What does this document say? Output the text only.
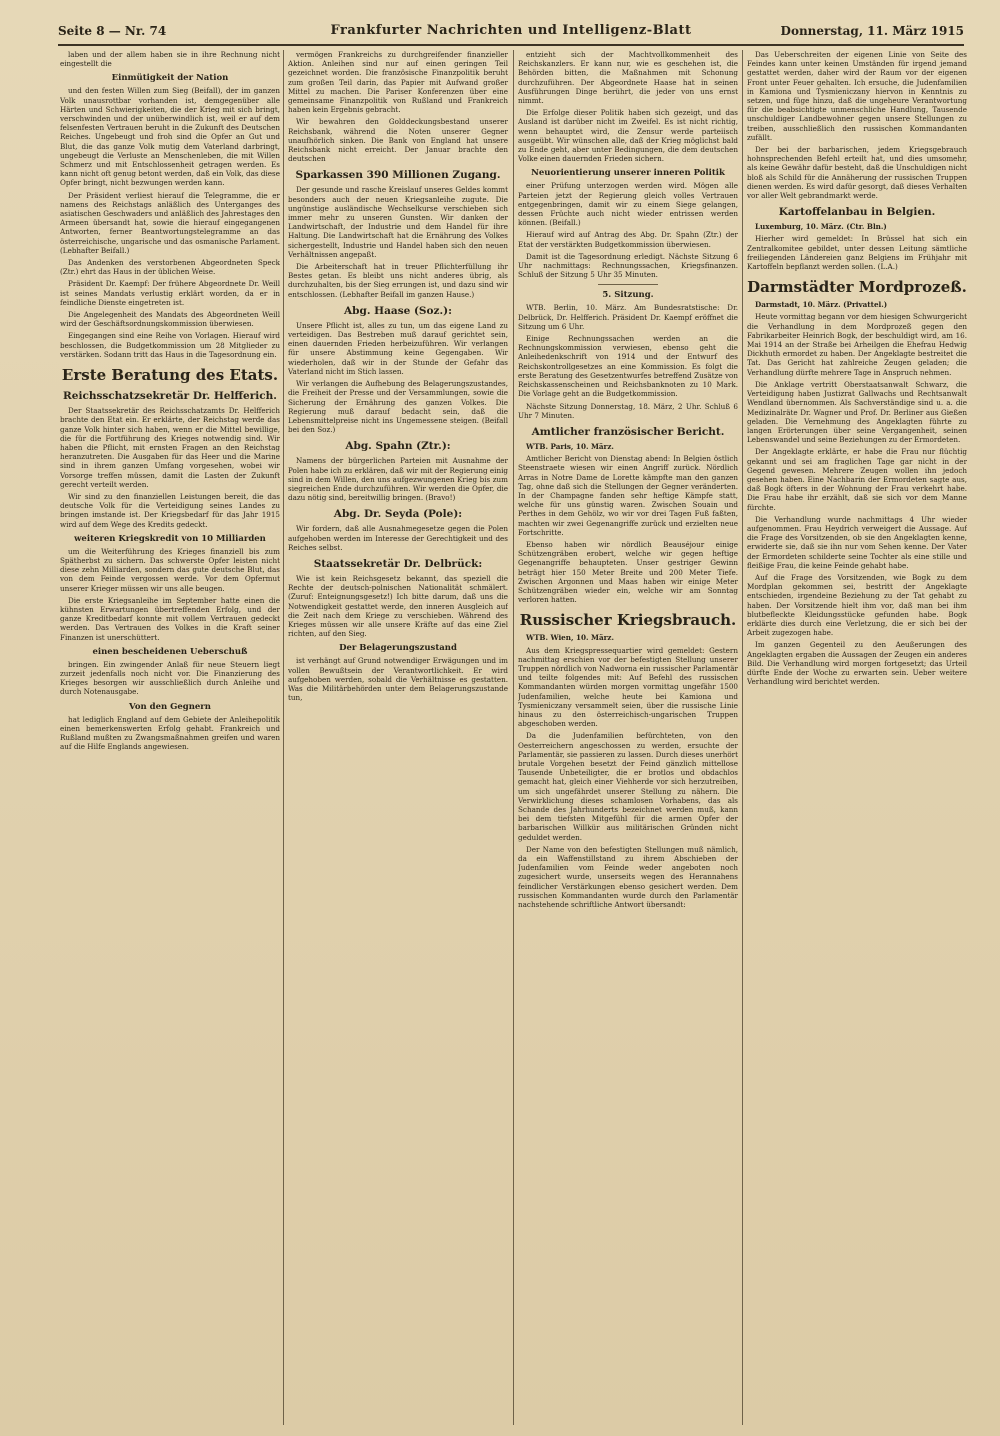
Seite 8 — Nr. 74	Frankfurter Nachrichten und Intelligenz-Blatt	Donnerstag, 11. März 1915

laben und der allem haben sie in ihre Rechnung nicht eingestellt die

Einmütigkeit der Nation

und den festen Willen zum Sieg (Beifall), der im ganzen Volk unausrottbar vorhanden ist, demgegenüber alle Härten und Schwierigkeiten, die der Krieg mit sich bringt, verschwinden und der unüberwindlich ist, weil er auf dem felsenfesten Vertrauen beruht in die Zukunft des Deutschen Reiches. Ungebeugt und froh sind die Opfer an Gut und Blut, die das ganze Volk mutig dem Vaterland darbringt, ungebeugt die Verluste an Menschenleben, die mit Willen Schmerz und mit Entschlossenheit getragen werden. Es kann nicht oft genug betont werden, daß ein Volk, das diese Opfer bringt, nicht bezwungen werden kann.

Der Präsident verliest hierauf die Telegramme, die er namens des Reichstags anläßlich des Unterganges des asiatischen Geschwaders und anläßlich des Jahrestages den Armeen übersandt hat, sowie die hierauf eingegangenen Antworten, ferner Beantwortungstelegramme an das österreichische, ungarische und das osmanische Parlament. (Lebhafter Beifall.)

Das Andenken des verstorbenen Abgeordneten Speck (Ztr.) ehrt das Haus in der üblichen Weise.

Präsident Dr. Kaempf: Der frühere Abgeordnete Dr. Weill ist seines Mandats verlustig erklärt worden, da er in feindliche Dienste eingetreten ist.

Die Angelegenheit des Mandats des Abgeordneten Weill wird der Geschäftsordnungskommission überwiesen.

Eingegangen sind eine Reihe von Vorlagen. Hierauf wird beschlossen, die Budgetkommission um 28 Mitglieder zu verstärken. Sodann tritt das Haus in die Tagesordnung ein.

Erste Beratung des Etats.
Reichsschatzsekretär Dr. Helfferich.

Der Staatssekretär des Reichsschatzamts Dr. Helfferich brachte den Etat ein. Er erklärte, der Reichstag werde das ganze Volk hinter sich haben, wenn er die Mittel bewillige, die für die Fortführung des Krieges notwendig sind. Wir haben die Pflicht, mit ernsten Fragen an den Reichstag heranzutreten. Die Ausgaben für das Heer und die Marine sind in ihrem ganzen Umfang vorgesehen, wobei wir Vorsorge treffen müssen, damit die Lasten der Zukunft gerecht verteilt werden.

Wir sind zu den finanziellen Leistungen bereit, die das deutsche Volk für die Verteidigung seines Landes zu bringen imstande ist. Der Kriegsbedarf für das Jahr 1915 wird auf dem Wege des Kredits gedeckt.

weiteren Kriegskredit von 10 Milliarden

um die Weiterführung des Krieges finanziell bis zum Spätherbst zu sichern. Das schwerste Opfer leisten nicht diese zehn Milliarden, sondern das gute deutsche Blut, das von dem Feinde vergossen werde. Vor dem Opfermut unserer Krieger müssen wir uns alle beugen.

Die erste Kriegsanleihe im September hatte einen die kühnsten Erwartungen übertreffenden Erfolg, und der ganze Kreditbedarf konnte mit vollem Vertrauen gedeckt werden. Das Vertrauen des Volkes in die Kraft seiner Finanzen ist unerschüttert.

einen bescheidenen Ueberschuß

bringen. Ein zwingender Anlaß für neue Steuern liegt zurzeit jedenfalls noch nicht vor. Die Finanzierung des Krieges besorgen wir ausschließlich durch Anleihe und durch Notenausgabe.

Von den Gegnern

hat lediglich England auf dem Gebiete der Anleihepolitik einen bemerkenswerten Erfolg gehabt. Frankreich und Rußland mußten zu Zwangsmaßnahmen greifen und waren auf die Hilfe Englands angewiesen.

vermögen Frankreichs zu durchgreifender finanzieller Aktion. Anleihen sind nur auf einen geringen Teil gezeichnet worden. Die französische Finanzpolitik beruht zum großen Teil darin, das Papier mit Aufwand großer Mittel zu machen. Die Pariser Konferenzen über eine gemeinsame Finanzpolitik von Rußland und Frankreich haben kein Ergebnis gebracht.

Wir bewahren den Golddeckungsbestand unserer Reichsbank, während die Noten unserer Gegner unaufhörlich sinken. Die Bank von England hat unsere Reichsbank nicht erreicht. Der Januar brachte den deutschen

Sparkassen 390 Millionen Zugang.

Der gesunde und rasche Kreislauf unseres Geldes kommt besonders auch der neuen Kriegsanleihe zugute. Die ungünstige ausländische Wechselkurse verschieben sich immer mehr zu unseren Gunsten. Wir danken der Landwirtschaft, der Industrie und dem Handel für ihre Haltung. Die Landwirtschaft hat die Ernährung des Volkes sichergestellt, Industrie und Handel haben sich den neuen Verhältnissen angepaßt.

Die Arbeiterschaft hat in treuer Pflichterfüllung ihr Bestes getan. Es bleibt uns nicht anderes übrig, als durchzuhalten, bis der Sieg errungen ist, und dazu sind wir entschlossen. (Lebhafter Beifall im ganzen Hause.)

Abg. Haase (Soz.):

Unsere Pflicht ist, alles zu tun, um das eigene Land zu verteidigen. Das Bestreben muß darauf gerichtet sein, einen dauernden Frieden herbeizuführen. Wir verlangen für unsere Abstimmung keine Gegengaben. Wir wiederholen, daß wir in der Stunde der Gefahr das Vaterland nicht im Stich lassen.

Wir verlangen die Aufhebung des Belagerungszustandes, die Freiheit der Presse und der Versammlungen, sowie die Sicherung der Ernährung des ganzen Volkes. Die Regierung muß darauf bedacht sein, daß die Lebensmittelpreise nicht ins Ungemessene steigen. (Beifall bei den Soz.)

Abg. Spahn (Ztr.):

Namens der bürgerlichen Parteien mit Ausnahme der Polen habe ich zu erklären, daß wir mit der Regierung einig sind in dem Willen, den uns aufgezwungenen Krieg bis zum siegreichen Ende durchzuführen. Wir werden die Opfer, die dazu nötig sind, bereitwillig bringen. (Bravo!)

Abg. Dr. Seyda (Pole):

Wir fordern, daß alle Ausnahmegesetze gegen die Polen aufgehoben werden im Interesse der Gerechtigkeit und des Reiches selbst.

Staatssekretär Dr. Delbrück:

Wie ist kein Reichsgesetz bekannt, das speziell die Rechte der deutsch-polnischen Nationalität schmälert. (Zuruf: Enteignungsgesetz!) Ich bitte darum, daß uns die Notwendigkeit gestattet werde, den inneren Ausgleich auf die Zeit nach dem Kriege zu verschieben. Während des Krieges müssen wir alle unsere Kräfte auf das eine Ziel richten, auf den Sieg.

Der Belagerungszustand

ist verhängt auf Grund notwendiger Erwägungen und im vollen Bewußtsein der Verantwortlichkeit. Er wird aufgehoben werden, sobald die Verhältnisse es gestatten. Was die Militärbehörden unter dem Belagerungszustande tun,

entzieht sich der Machtvollkommenheit des Reichskanzlers. Er kann nur, wie es geschehen ist, die Behörden bitten, die Maßnahmen mit Schonung durchzuführen. Der Abgeordnete Haase hat in seinen Ausführungen Dinge berührt, die jeder von uns ernst nimmt.

Die Erfolge dieser Politik haben sich gezeigt, und das Ausland ist darüber nicht im Zweifel. Es ist nicht richtig, wenn behauptet wird, die Zensur werde parteiisch ausgeübt. Wir wünschen alle, daß der Krieg möglichst bald zu Ende geht, aber unter Bedingungen, die dem deutschen Volke einen dauernden Frieden sichern.

Neuorientierung unserer inneren Politik

einer Prüfung unterzogen werden wird. Mögen alle Parteien jetzt der Regierung gleich volles Vertrauen entgegenbringen, damit wir zu einem Siege gelangen, dessen Früchte auch nicht wieder entrissen werden können. (Beifall.)

Hierauf wird auf Antrag des Abg. Dr. Spahn (Ztr.) der Etat der verstärkten Budgetkommission überwiesen.

Damit ist die Tagesordnung erledigt. Nächste Sitzung 6 Uhr nachmittags: Rechnungssachen, Kriegsfinanzen. Schluß der Sitzung 5 Uhr 35 Minuten.

5. Sitzung.

WTB. Berlin, 10. März. Am Bundesratstische: Dr. Delbrück, Dr. Helfferich. Präsident Dr. Kaempf eröffnet die Sitzung um 6 Uhr.

Einige Rechnungssachen werden an die Rechnungskommission verwiesen, ebenso geht die Anleihedenkschrift von 1914 und der Entwurf des Reichskontrollgesetzes an eine Kommission. Es folgt die erste Beratung des Gesetzentwurfes betreffend Zusätze von Reichskassenscheinen und Reichsbanknoten zu 10 Mark. Die Vorlage geht an die Budgetkommission.

Nächste Sitzung Donnerstag, 18. März, 2 Uhr. Schluß 6 Uhr 7 Minuten.

Amtlicher französischer Bericht.

WTB. Paris, 10. März.

Amtlicher Bericht von Dienstag abend: In Belgien östlich Steenstraete wiesen wir einen Angriff zurück. Nördlich Arras in Notre Dame de Lorette kämpfte man den ganzen Tag, ohne daß sich die Stellungen der Gegner veränderten. In der Champagne fanden sehr heftige Kämpfe statt, welche für uns günstig waren. Zwischen Souain und Perthes in dem Gehölz, wo wir vor drei Tagen Fuß faßten, machten wir zwei Gegenangriffe zurück und erzielten neue Fortschritte.

Ebenso haben wir nördlich Beauséjour einige Schützengräben erobert, welche wir gegen heftige Gegenangriffe behaupteten. Unser gestriger Gewinn beträgt hier 150 Meter Breite und 200 Meter Tiefe. Zwischen Argonnen und Maas haben wir einige Meter Schützengräben wieder ein, welche wir am Sonntag verloren hatten.

Russischer Kriegsbrauch.

WTB. Wien, 10. März.

Aus dem Kriegspressequartier wird gemeldet: Gestern nachmittag erschien vor der befestigten Stellung unserer Truppen nördlich von Nadworna ein russischer Parlamentär und teilte folgendes mit: Auf Befehl des russischen Kommandanten würden morgen vormittag ungefähr 1500 Judenfamilien, welche heute bei Kamiona und Tysmieniczany versammelt seien, über die russische Linie hinaus zu den österreichisch-ungarischen Truppen abgeschoben werden.

Da die Judenfamilien befürchteten, von den Oesterreichern angeschossen zu werden, ersuchte der Parlamentär, sie passieren zu lassen. Durch dieses unerhört brutale Vorgehen besetzt der Feind gänzlich mittellose Tausende Unbeteiligter, die er brotlos und obdachlos gemacht hat, gleich einer Viehherde vor sich herzutreiben, um sich ungefährdet unserer Stellung zu nähern. Die Verwirklichung dieses schamlosen Vorhabens, das als Schande des Jahrhunderts bezeichnet werden muß, kann bei dem tiefsten Mitgefühl für die armen Opfer der barbarischen Willkür aus militärischen Gründen nicht geduldet werden.

Der Name von den befestigten Stellungen muß nämlich, da ein Waffenstillstand zu ihrem Abschieben der Judenfamilien vom Feinde weder angeboten noch zugesichert wurde, unserseits wegen des Herannahens feindlicher Verstärkungen ebenso gesichert werden. Dem russischen Kommandanten wurde durch den Parlamentär nachstehende schriftliche Antwort übersandt:

Das Ueberschreiten der eigenen Linie von Seite des Feindes kann unter keinen Umständen für irgend jemand gestattet werden, daher wird der Raum vor der eigenen Front unter Feuer gehalten. Ich ersuche, die Judenfamilien in Kamiona und Tysmieniczany hiervon in Kenntnis zu setzen, und füge hinzu, daß die ungeheure Verantwortung für die beabsichtigte unmenschliche Handlung, Tausende unschuldiger Landbewohner gegen unsere Stellungen zu treiben, ausschließlich den russischen Kommandanten zufällt.

Der bei der barbarischen, jedem Kriegsgebrauch hohnsprechenden Befehl erteilt hat, und dies umsomehr, als keine Gewähr dafür besteht, daß die Unschuldigen nicht bloß als Schild für die Annäherung der russischen Truppen dienen werden. Es wird dafür gesorgt, daß dieses Verhalten vor aller Welt gebrandmarkt werde.

Kartoffelanbau in Belgien.

Luxemburg, 10. März. (Ctr. Bln.)

Hierher wird gemeldet: In Brüssel hat sich ein Zentralkomitee gebildet, unter dessen Leitung sämtliche freiliegenden Ländereien ganz Belgiens im Frühjahr mit Kartoffeln bepflanzt werden sollen. (L.A.)

Darmstädter Mordprozeß.

Darmstadt, 10. März. (Privattel.)

Heute vormittag begann vor dem hiesigen Schwurgericht die Verhandlung in dem Mordprozeß gegen den Fabrikarbeiter Heinrich Bogk, der beschuldigt wird, am 16. Mai 1914 an der Straße bei Arheilgen die Ehefrau Hedwig Dickhuth ermordet zu haben. Der Angeklagte bestreitet die Tat. Das Gericht hat zahlreiche Zeugen geladen; die Verhandlung dürfte mehrere Tage in Anspruch nehmen.

Die Anklage vertritt Oberstaatsanwalt Schwarz, die Verteidigung haben Justizrat Gallwachs und Rechtsanwalt Wendland übernommen. Als Sachverständige sind u. a. die Medizinalräte Dr. Wagner und Prof. Dr. Berliner aus Gießen geladen. Die Vernehmung des Angeklagten führte zu langen Erörterungen über seine Vergangenheit, seinen Lebenswandel und seine Beziehungen zu der Ermordeten.

Der Angeklagte erklärte, er habe die Frau nur flüchtig gekannt und sei am fraglichen Tage gar nicht in der Gegend gewesen. Mehrere Zeugen wollen ihn jedoch gesehen haben. Eine Nachbarin der Ermordeten sagte aus, daß Bogk öfters in der Wohnung der Frau verkehrt habe. Die Frau habe ihr erzählt, daß sie sich vor dem Manne fürchte.

Die Verhandlung wurde nachmittags 4 Uhr wieder aufgenommen. Frau Heydrich verweigert die Aussage. Auf die Frage des Vorsitzenden, ob sie den Angeklagten kenne, erwiderte sie, daß sie ihn nur vom Sehen kenne. Der Vater der Ermordeten schilderte seine Tochter als eine stille und fleißige Frau, die keine Feinde gehabt habe.

Auf die Frage des Vorsitzenden, wie Bogk zu dem Mordplan gekommen sei, bestritt der Angeklagte entschieden, irgendeine Beziehung zu der Tat gehabt zu haben. Der Vorsitzende hielt ihm vor, daß man bei ihm blutbefleckte Kleidungsstücke gefunden habe. Bogk erklärte dies durch eine Verletzung, die er sich bei der Arbeit zugezogen habe.

Im ganzen Gegenteil zu den Aeußerungen des Angeklagten ergaben die Aussagen der Zeugen ein anderes Bild. Die Verhandlung wird morgen fortgesetzt; das Urteil dürfte Ende der Woche zu erwarten sein. Ueber weitere Verhandlung wird berichtet werden.
